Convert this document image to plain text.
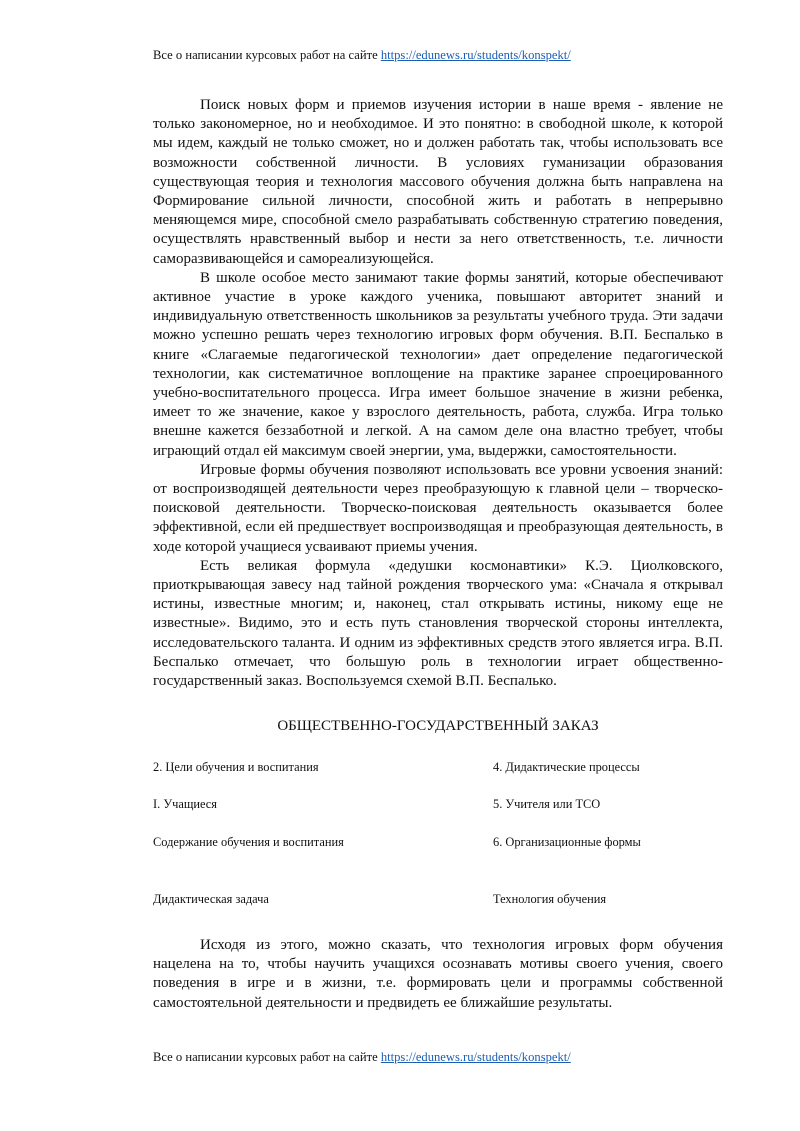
Все о написании курсовых работ на сайте https://edunews.ru/students/konspekt/

Поиск новых форм и приемов изучения истории в наше время - явление не только закономерное, но и необходимое. И это понятно: в свободной школе, к которой мы идем, каждый не только сможет, но и должен работать так, чтобы использовать все возможности собственной личности. В условиях гуманизации образования существующая теория и технология массового обучения должна быть направлена на Формирование сильной личности, способной жить и работать в непрерывно меняющемся мире, способной смело разрабатывать собственную стратегию поведения, осуществлять нравственный выбор и нести за него ответственность, т.е. личности саморазвивающейся и самореализующейся.

В школе особое место занимают такие формы занятий, которые обеспечивают активное участие в уроке каждого ученика, повышают авторитет знаний и индивидуальную ответственность школьников за результаты учебного труда. Эти задачи можно успешно решать через технологию игровых форм обучения. В.П. Беспалько в книге «Слагаемые педагогической технологии» дает определение педагогической технологии, как систематичное воплощение на практике заранее спроецированного учебно-воспитательного процесса. Игра имеет большое значение в жизни ребенка, имеет то же значение, какое у взрослого деятельность, работа, служба. Игра только внешне кажется беззаботной и легкой. А на самом деле она властно требует, чтобы играющий отдал ей максимум своей энергии, ума, выдержки, самостоятельности.

Игровые формы обучения позволяют использовать все уровни усвоения знаний: от воспроизводящей деятельности через преобразующую к главной цели – творческо-поисковой деятельности. Творческо-поисковая деятельность оказывается более эффективной, если ей предшествует воспроизводящая и преобразующая деятельность, в ходе которой учащиеся усваивают приемы учения.

Есть великая формула «дедушки космонавтики» К.Э. Циолковского, приоткрывающая завесу над тайной рождения творческого ума: «Сначала я открывал истины, известные многим; и, наконец, стал открывать истины, никому еще не известные». Видимо, это и есть путь становления творческой стороны интеллекта, исследовательского таланта. И одним из эффективных средств этого является игра. В.П. Беспалько отмечает, что большую роль в технологии играет общественно-государственный заказ. Воспользуемся схемой В.П. Беспалько.

ОБЩЕСТВЕННО-ГОСУДАРСТВЕННЫЙ ЗАКАЗ
2. Цели обучения и воспитания
I. Учащиеся
Содержание обучения и воспитания
Дидактическая задача
4. Дидактические процессы
5. Учителя или ТСО
6. Организационные формы
Технология обучения

Исходя из этого, можно сказать, что технология игровых форм обучения нацелена на то, чтобы научить учащихся осознавать мотивы своего учения, своего поведения в игре и в жизни, т.е. формировать цели и программы собственной самостоятельной деятельности и предвидеть ее ближайшие результаты.

Все о написании курсовых работ на сайте https://edunews.ru/students/konspekt/
